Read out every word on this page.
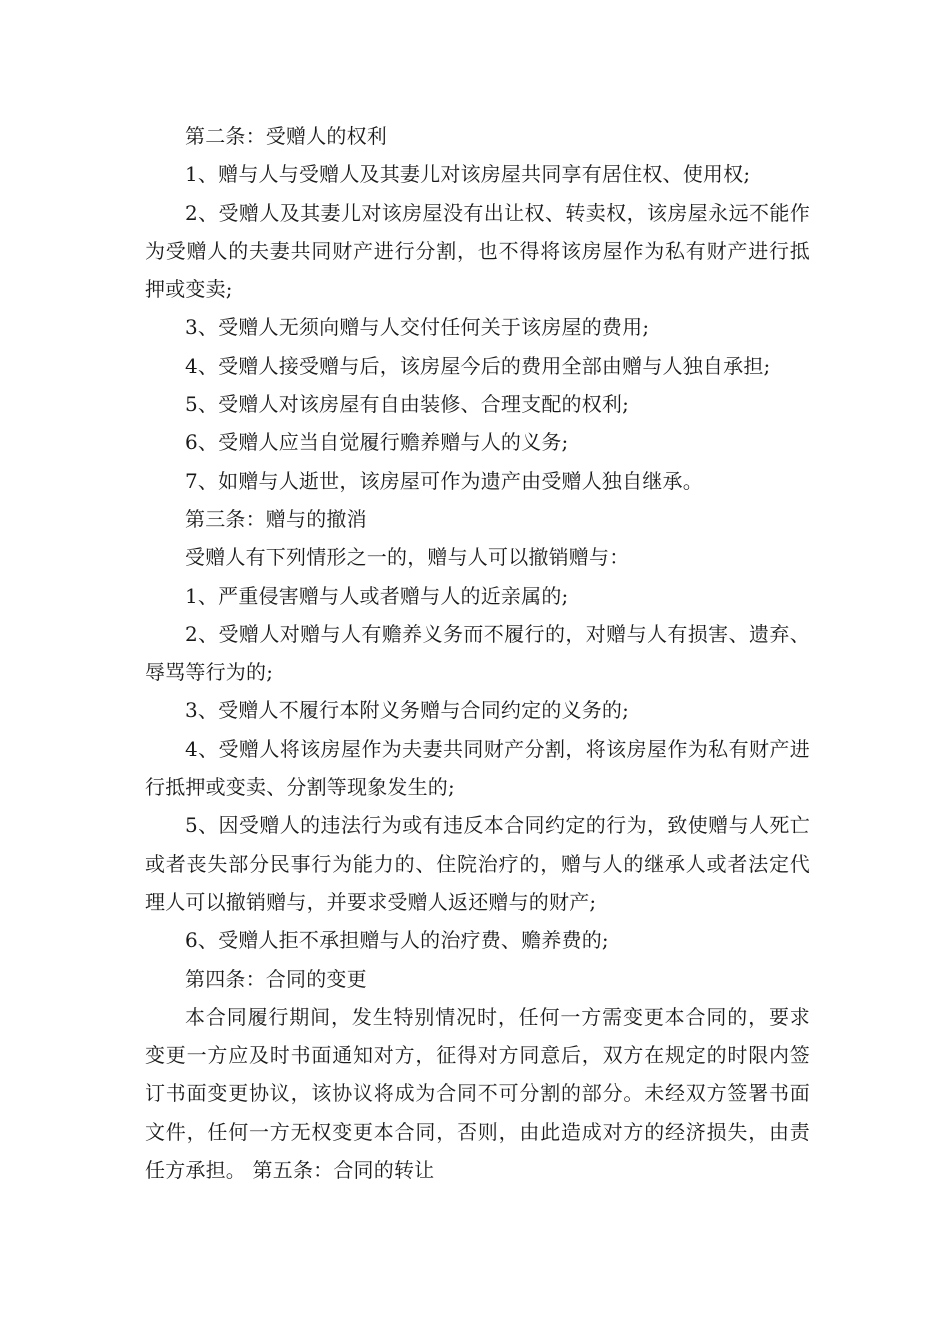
第二条：受赠人的权利

1、赠与人与受赠人及其妻儿对该房屋共同享有居住权、使用权;

2、受赠人及其妻儿对该房屋没有出让权、转卖权，该房屋永远不能作为受赠人的夫妻共同财产进行分割，也不得将该房屋作为私有财产进行抵押或变卖;

3、受赠人无须向赠与人交付任何关于该房屋的费用;

4、受赠人接受赠与后，该房屋今后的费用全部由赠与人独自承担;

5、受赠人对该房屋有自由装修、合理支配的权利;

6、受赠人应当自觉履行赡养赠与人的义务;

7、如赠与人逝世，该房屋可作为遗产由受赠人独自继承。

第三条：赠与的撤消

受赠人有下列情形之一的，赠与人可以撤销赠与：

1、严重侵害赠与人或者赠与人的近亲属的;

2、受赠人对赠与人有赡养义务而不履行的，对赠与人有损害、遗弃、辱骂等行为的;

3、受赠人不履行本附义务赠与合同约定的义务的;

4、受赠人将该房屋作为夫妻共同财产分割，将该房屋作为私有财产进行抵押或变卖、分割等现象发生的;

5、因受赠人的违法行为或有违反本合同约定的行为，致使赠与人死亡或者丧失部分民事行为能力的、住院治疗的，赠与人的继承人或者法定代理人可以撤销赠与，并要求受赠人返还赠与的财产;

6、受赠人拒不承担赠与人的治疗费、赡养费的;

第四条：合同的变更

本合同履行期间，发生特别情况时，任何一方需变更本合同的，要求变更一方应及时书面通知对方，征得对方同意后，双方在规定的时限内签订书面变更协议，该协议将成为合同不可分割的部分。未经双方签署书面文件，任何一方无权变更本合同，否则，由此造成对方的经济损失，由责任方承担。 第五条：合同的转让
